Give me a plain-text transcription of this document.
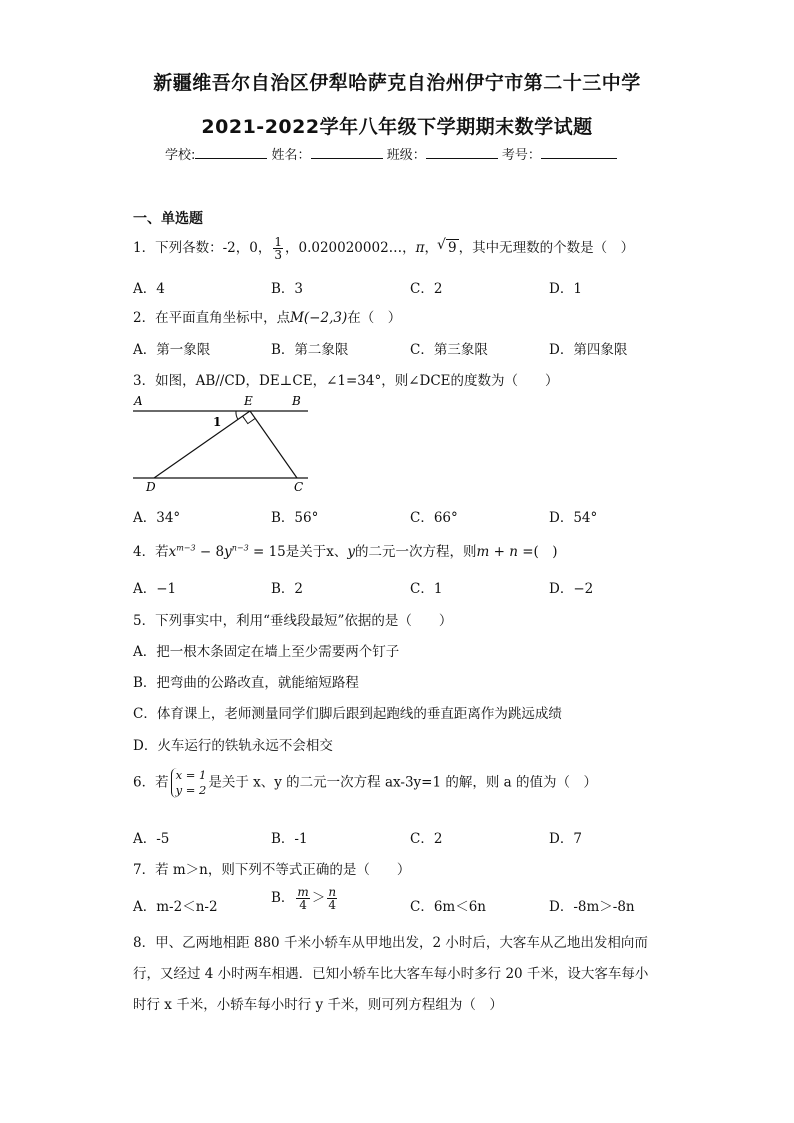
新疆维吾尔自治区伊犁哈萨克自治州伊宁市第二十三中学
2021-2022学年八年级下学期期末数学试题
学校:	姓名：	班级：	考号：
一、单选题
1．下列各数：-2，0， $\frac{1}{3}$ ，0.020020002…，π，√ 9 ，其中无理数的个数是（　）
A．4	B．3	C．2	D．1
2．在平面直角坐标中，点M(−2,3)在（　）
A．第一象限	B．第二象限	C．第三象限	D．第四象限
3．如图，AB//CD，DE⊥CE，∠1=34°，则∠DCE的度数为（　　）
A	E	B
1
D	C
A．34°	B．56°	C．66°	D．54°
4．若$x^{m-3} - 8y^{n-3} = 15$是关于x、y的二元一次方程，则m + n =(　)
A．−1	B．2	C．1	D．−2
5．下列事实中，利用“垂线段最短”依据的是（　　）
A．把一根木条固定在墙上至少需要两个钉子
B．把弯曲的公路改直，就能缩短路程
C．体育课上，老师测量同学们脚后跟到起跑线的垂直距离作为跳远成绩
D．火车运行的铁轨永远不会相交
6．若 x = 1
y = 2 是关于 x、y 的二元一次方程 ax-3y=1 的解，则 a 的值为（　）
A．-5	B．-1	C．2	D．7
7．若 m＞n，则下列不等式正确的是（　　）
A．m-2＜n-2
B． $\frac{m}{4} > \frac{n}{4}$	C．6m＜6n	D．-8m＞-8n
8．甲、乙两地相距 880 千米小轿车从甲地出发，2 小时后，大客车从乙地出发相向而
行，又经过 4 小时两车相遇．已知小轿车比大客车每小时多行 20 千米，设大客车每小
时行 x 千米，小轿车每小时行 y 千米，则可列方程组为（　）
